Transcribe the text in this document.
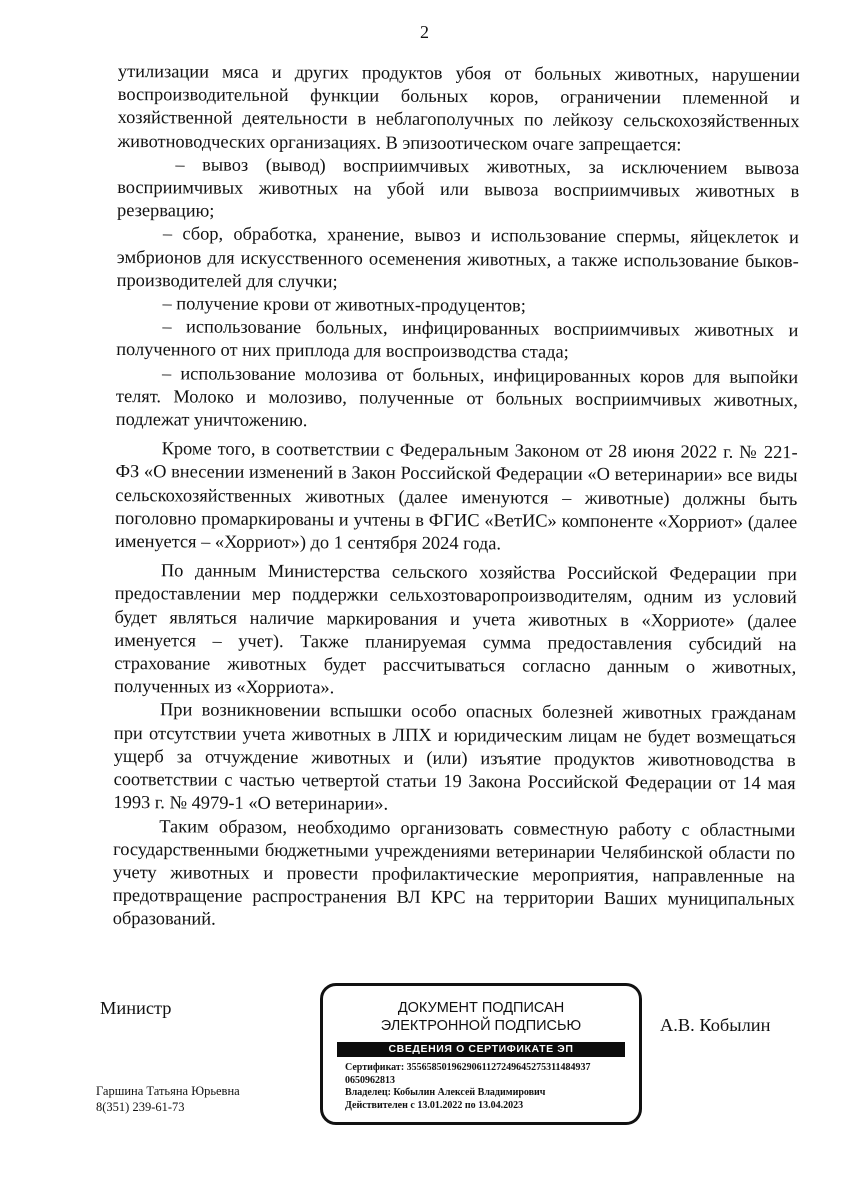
2

утилизации мяса и других продуктов убоя от больных животных, нарушении воспроизводительной функции больных коров, ограничении племенной и хозяйственной деятельности в неблагополучных по лейкозу сельскохозяйственных животноводческих организациях. В эпизоотическом очаге запрещается:

– вывоз (вывод) восприимчивых животных, за исключением вывоза восприимчивых животных на убой или вывоза восприимчивых животных в резервацию;

– сбор, обработка, хранение, вывоз и использование спермы, яйцеклеток и эмбрионов для искусственного осеменения животных, а также использование быков-производителей для случки;

– получение крови от животных-продуцентов;

– использование больных, инфицированных восприимчивых животных и полученного от них приплода для воспроизводства стада;

– использование молозива от больных, инфицированных коров для выпойки телят. Молоко и молозиво, полученные от больных восприимчивых животных, подлежат уничтожению.

Кроме того, в соответствии с Федеральным Законом от 28 июня 2022 г. № 221-ФЗ «О внесении изменений в Закон Российской Федерации «О ветеринарии» все виды сельскохозяйственных животных (далее именуются – животные) должны быть поголовно промаркированы и учтены в ФГИС «ВетИС» компоненте «Хорриот» (далее именуется – «Хорриот») до 1 сентября 2024 года.

По данным Министерства сельского хозяйства Российской Федерации при предоставлении мер поддержки сельхозтоваропроизводителям, одним из условий будет являться наличие маркирования и учета животных в «Хорриоте» (далее именуется – учет). Также планируемая сумма предоставления субсидий на страхование животных будет рассчитываться согласно данным о животных, полученных из «Хорриота».

При возникновении вспышки особо опасных болезней животных гражданам при отсутствии учета животных в ЛПХ и юридическим лицам не будет возмещаться ущерб за отчуждение животных и (или) изъятие продуктов животноводства в соответствии с частью четвертой статьи 19 Закона Российской Федерации от 14 мая 1993 г. № 4979-1 «О ветеринарии».

Таким образом, необходимо организовать совместную работу с областными государственными бюджетными учреждениями ветеринарии Челябинской области по учету животных и провести профилактические мероприятия, направленные на предотвращение распространения ВЛ КРС на территории Ваших муниципальных образований.

Министр
А.В. Кобылин
ДОКУМЕНТ ПОДПИСАН
ЭЛЕКТРОННОЙ ПОДПИСЬЮ
СВЕДЕНИЯ О СЕРТИФИКАТЕ ЭП
Сертификат: 35565850196290611272496452753114849370650962813
Владелец: Кобылин Алексей Владимирович
Действителен с 13.01.2022 по 13.04.2023
Гаршина Татьяна Юрьевна
8(351) 239-61-73
